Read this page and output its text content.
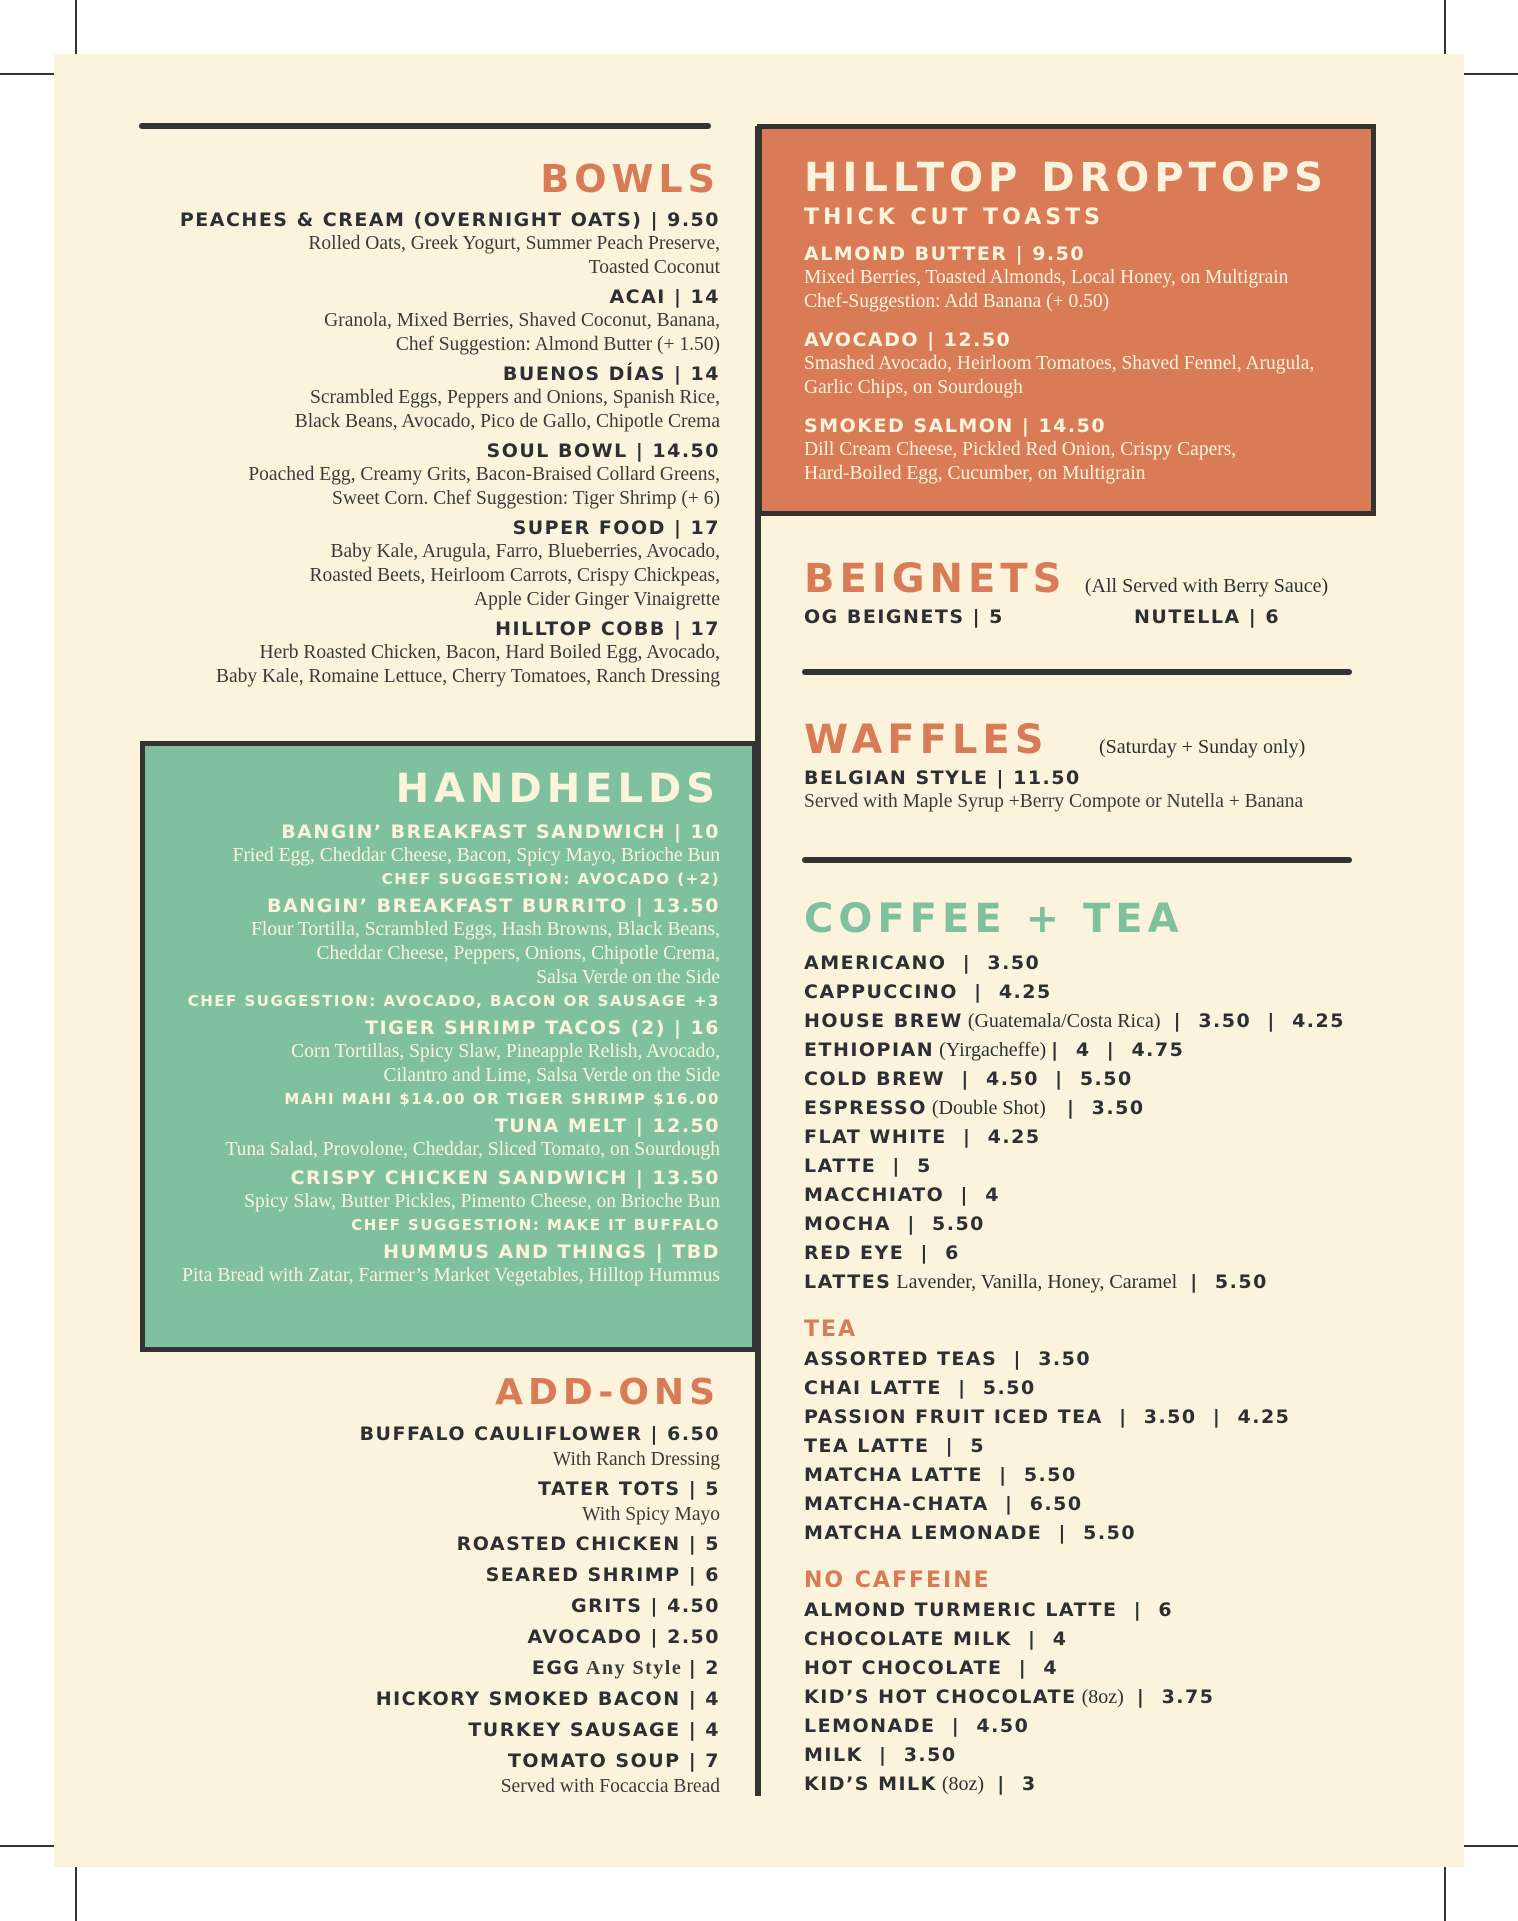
BOWLS
PEACHES & CREAM (OVERNIGHT OATS) | 9.50
Rolled Oats, Greek Yogurt, Summer Peach Preserve,
Toasted Coconut
ACAI | 14
Granola, Mixed Berries, Shaved Coconut, Banana,
Chef Suggestion: Almond Butter (+ 1.50)
BUENOS DÍAS | 14
Scrambled Eggs, Peppers and Onions, Spanish Rice,
Black Beans, Avocado, Pico de Gallo, Chipotle Crema
SOUL BOWL | 14.50
Poached Egg, Creamy Grits, Bacon-Braised Collard Greens,
Sweet Corn. Chef Suggestion: Tiger Shrimp (+ 6)
SUPER FOOD | 17
Baby Kale, Arugula, Farro, Blueberries, Avocado,
Roasted Beets, Heirloom Carrots, Crispy Chickpeas,
Apple Cider Ginger Vinaigrette
HILLTOP COBB | 17
Herb Roasted Chicken, Bacon, Hard Boiled Egg, Avocado,
Baby Kale, Romaine Lettuce, Cherry Tomatoes, Ranch Dressing
HANDHELDS
BANGIN’ BREAKFAST SANDWICH | 10
Fried Egg, Cheddar Cheese, Bacon, Spicy Mayo, Brioche Bun
CHEF SUGGESTION: AVOCADO (+2)
BANGIN’ BREAKFAST BURRITO | 13.50
Flour Tortilla, Scrambled Eggs, Hash Browns, Black Beans,
Cheddar Cheese, Peppers, Onions, Chipotle Crema,
Salsa Verde on the Side
CHEF SUGGESTION: AVOCADO, BACON OR SAUSAGE +3
TIGER SHRIMP TACOS (2) | 16
Corn Tortillas, Spicy Slaw, Pineapple Relish, Avocado,
Cilantro and Lime, Salsa Verde on the Side
MAHI MAHI $14.00 OR TIGER SHRIMP $16.00
TUNA MELT | 12.50
Tuna Salad, Provolone, Cheddar, Sliced Tomato, on Sourdough
CRISPY CHICKEN SANDWICH | 13.50
Spicy Slaw, Butter Pickles, Pimento Cheese, on Brioche Bun
CHEF SUGGESTION: MAKE IT BUFFALO
HUMMUS AND THINGS | TBD
Pita Bread with Zatar, Farmer’s Market Vegetables, Hilltop Hummus
ADD-ONS
BUFFALO CAULIFLOWER | 6.50
With Ranch Dressing
TATER TOTS | 5
With Spicy Mayo
ROASTED CHICKEN | 5
SEARED SHRIMP | 6
GRITS | 4.50
AVOCADO | 2.50
EGG Any Style | 2
HICKORY SMOKED BACON | 4
TURKEY SAUSAGE | 4
TOMATO SOUP | 7
Served with Focaccia Bread
HILLTOP DROPTOPS
THICK CUT TOASTS
ALMOND BUTTER | 9.50
Mixed Berries, Toasted Almonds, Local Honey, on Multigrain
Chef-Suggestion: Add Banana (+ 0.50)
AVOCADO | 12.50
Smashed Avocado, Heirloom Tomatoes, Shaved Fennel, Arugula,
Garlic Chips, on Sourdough
SMOKED SALMON | 14.50
Dill Cream Cheese, Pickled Red Onion, Crispy Capers,
Hard-Boiled Egg, Cucumber, on Multigrain
BEIGNETS (All Served with Berry Sauce)
OG BEIGNETS | 5	NUTELLA | 6
WAFFLES	(Saturday + Sunday only)
BELGIAN STYLE | 11.50
Served with Maple Syrup +Berry Compote or Nutella + Banana
COFFEE + TEA
AMERICANO  |  3.50
CAPPUCCINO  |  4.25
HOUSE BREW (Guatemala/Costa Rica)  |  3.50  |  4.25
ETHIOPIAN (Yirgacheffe) |  4  |  4.75
COLD BREW  |  4.50  |  5.50
ESPRESSO (Double Shot)   |  3.50
FLAT WHITE  |  4.25
LATTE  |  5
MACCHIATO  |  4
MOCHA  |  5.50
RED EYE  |  6
LATTES Lavender, Vanilla, Honey, Caramel  |  5.50
TEA
ASSORTED TEAS  |  3.50
CHAI LATTE  |  5.50
PASSION FRUIT ICED TEA  |  3.50  |  4.25
TEA LATTE  |  5
MATCHA LATTE  |  5.50
MATCHA-CHATA  |  6.50
MATCHA LEMONADE  |  5.50
NO CAFFEINE
ALMOND TURMERIC LATTE  |  6
CHOCOLATE MILK  |  4
HOT CHOCOLATE  |  4
KID’S HOT CHOCOLATE (8oz)  |  3.75
LEMONADE  |  4.50
MILK  |  3.50
KID’S MILK (8oz)  |  3
